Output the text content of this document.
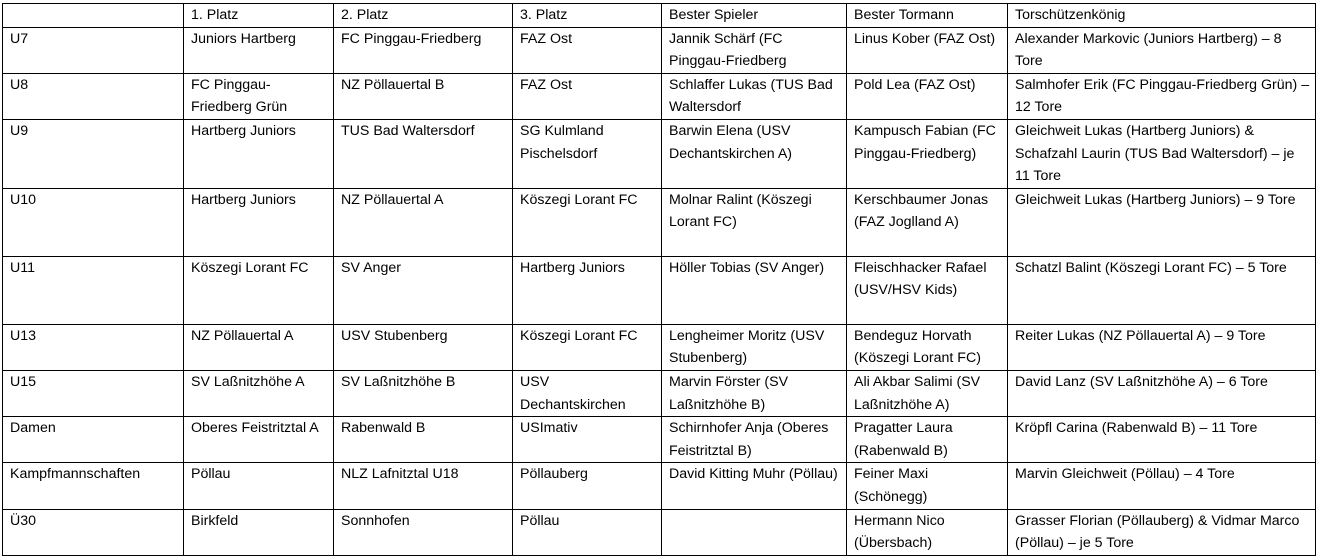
	1. Platz	2. Platz	3. Platz	Bester Spieler	Bester Tormann	Torschützenkönig
U7	Juniors Hartberg	FC Pinggau-Friedberg	FAZ Ost	Jannik Schärf (FC Pinggau-Friedberg	Linus Kober (FAZ Ost)	Alexander Markovic (Juniors Hartberg) – 8 Tore
U8	FC Pinggau-Friedberg Grün	NZ Pöllauertal B	FAZ Ost	Schlaffer Lukas (TUS Bad Waltersdorf	Pold Lea (FAZ Ost)	Salmhofer Erik (FC Pinggau-Friedberg Grün) – 12 Tore
U9	Hartberg Juniors	TUS Bad Waltersdorf	SG Kulmland Pischelsdorf	Barwin Elena (USV Dechantskirchen A)	Kampusch Fabian (FC Pinggau-Friedberg)	Gleichweit Lukas (Hartberg Juniors) & Schafzahl Laurin (TUS Bad Waltersdorf) – je 11 Tore
U10	Hartberg Juniors	NZ Pöllauertal A	Köszegi Lorant FC	Molnar Ralint (Köszegi Lorant FC)	Kerschbaumer Jonas (FAZ Joglland A)	Gleichweit Lukas (Hartberg Juniors) – 9 Tore
U11	Köszegi Lorant FC	SV Anger	Hartberg Juniors	Höller Tobias (SV Anger)	Fleischhacker Rafael (USV/HSV Kids)	Schatzl Balint (Köszegi Lorant FC) – 5 Tore
U13	NZ Pöllauertal A	USV Stubenberg	Köszegi Lorant FC	Lengheimer Moritz (USV Stubenberg)	Bendeguz Horvath (Köszegi Lorant FC)	Reiter Lukas (NZ Pöllauertal A) – 9 Tore
U15	SV Laßnitzhöhe A	SV Laßnitzhöhe B	USV Dechantskirchen	Marvin Förster (SV Laßnitzhöhe B)	Ali Akbar Salimi (SV Laßnitzhöhe A)	David Lanz (SV Laßnitzhöhe A) – 6 Tore
Damen	Oberes Feistritztal A	Rabenwald B	USImativ	Schirnhofer Anja (Oberes Feistritztal B)	Pragatter Laura (Rabenwald B)	Kröpfl Carina (Rabenwald B) – 11 Tore
Kampfmannschaften	Pöllau	NLZ Lafnitztal U18	Pöllauberg	David Kitting Muhr (Pöllau)	Feiner Maxi (Schönegg)	Marvin Gleichweit (Pöllau) – 4 Tore
Ü30	Birkfeld	Sonnhofen	Pöllau		Hermann Nico (Übersbach)	Grasser Florian (Pöllauberg) & Vidmar Marco (Pöllau) – je 5 Tore
